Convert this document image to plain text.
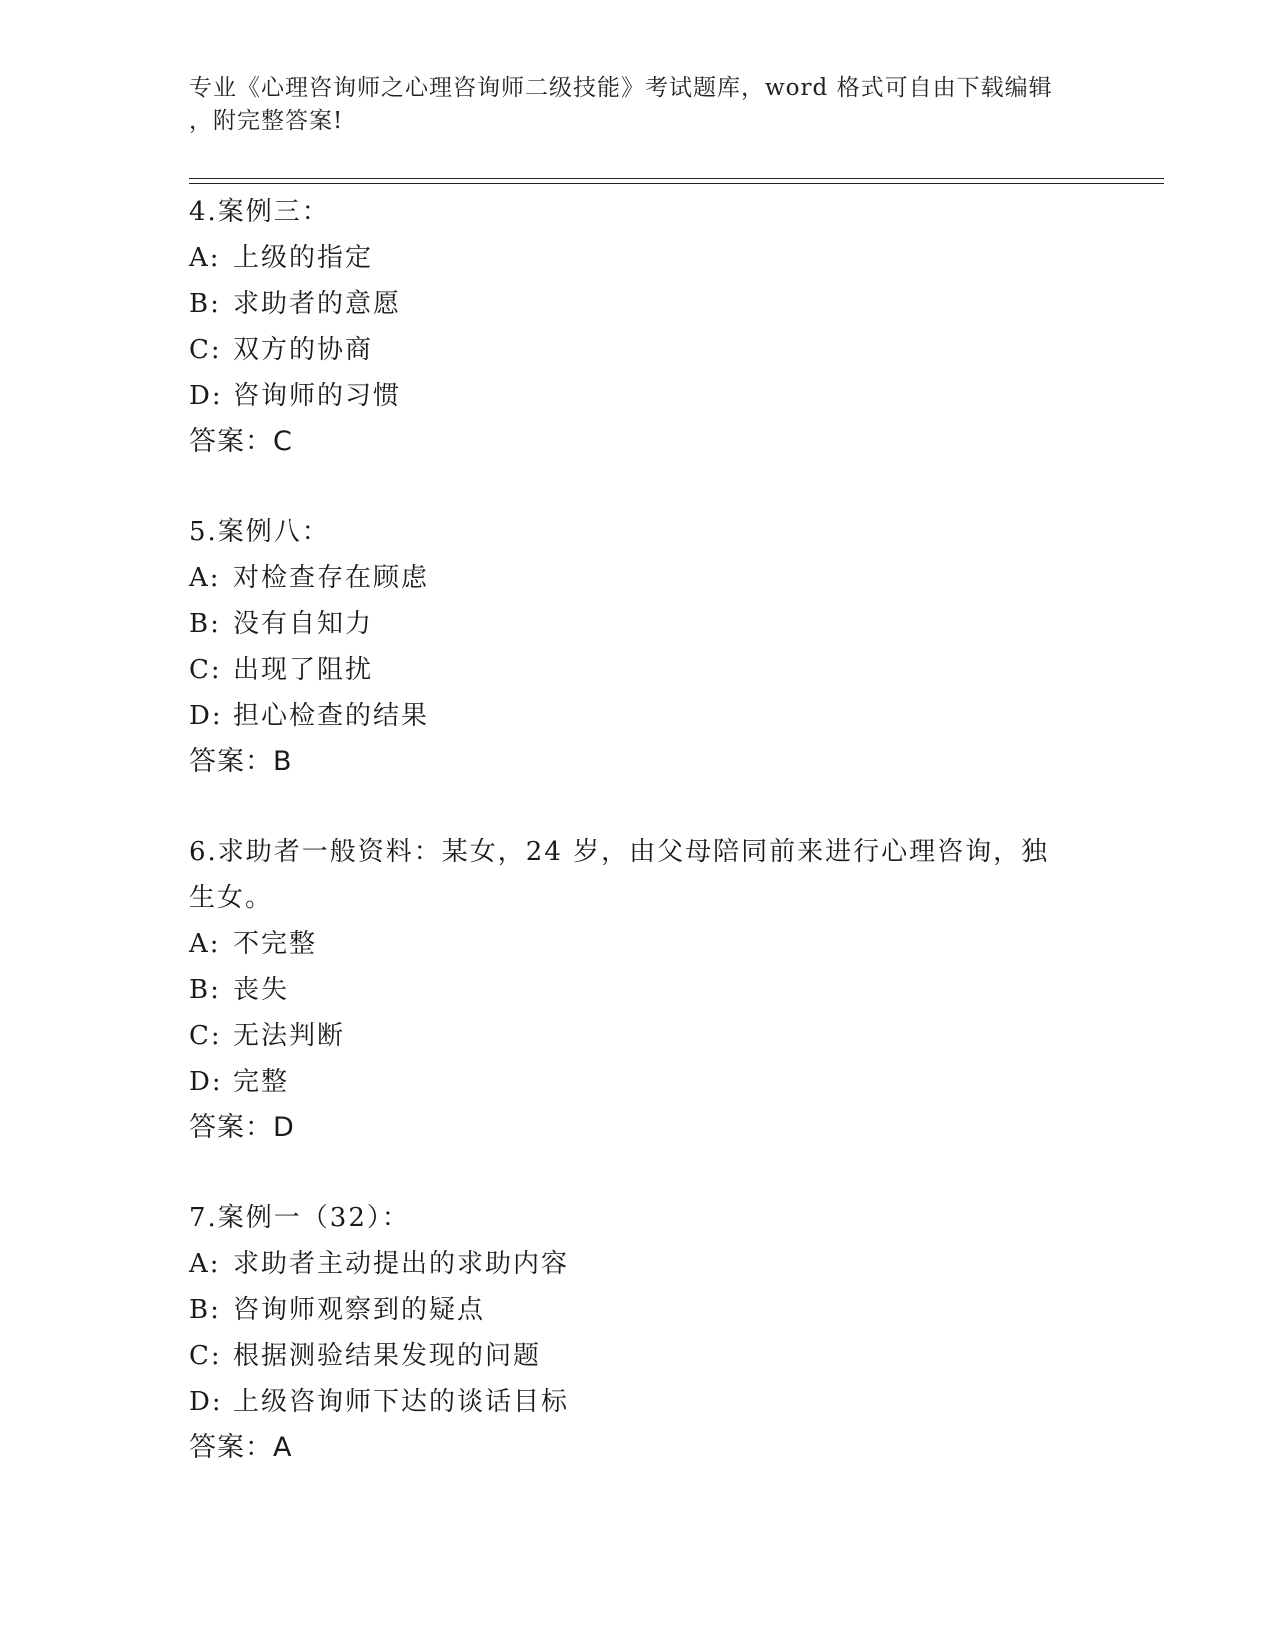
专业《心理咨询师之心理咨询师二级技能》考试题库，word 格式可自由下载编辑
，附完整答案!
4.案例三：
A: 上级的指定
B: 求助者的意愿
C: 双方的协商
D: 咨询师的习惯
答案：C
5.案例八：
A: 对检查存在顾虑
B: 没有自知力
C: 出现了阻扰
D: 担心检查的结果
答案：B
6.求助者一般资料：某女，24 岁，由父母陪同前来进行心理咨询，独
生女。
A: 不完整
B: 丧失
C: 无法判断
D: 完整
答案：D
7.案例一（32）：
A: 求助者主动提出的求助内容
B: 咨询师观察到的疑点
C: 根据测验结果发现的问题
D: 上级咨询师下达的谈话目标
答案：A
